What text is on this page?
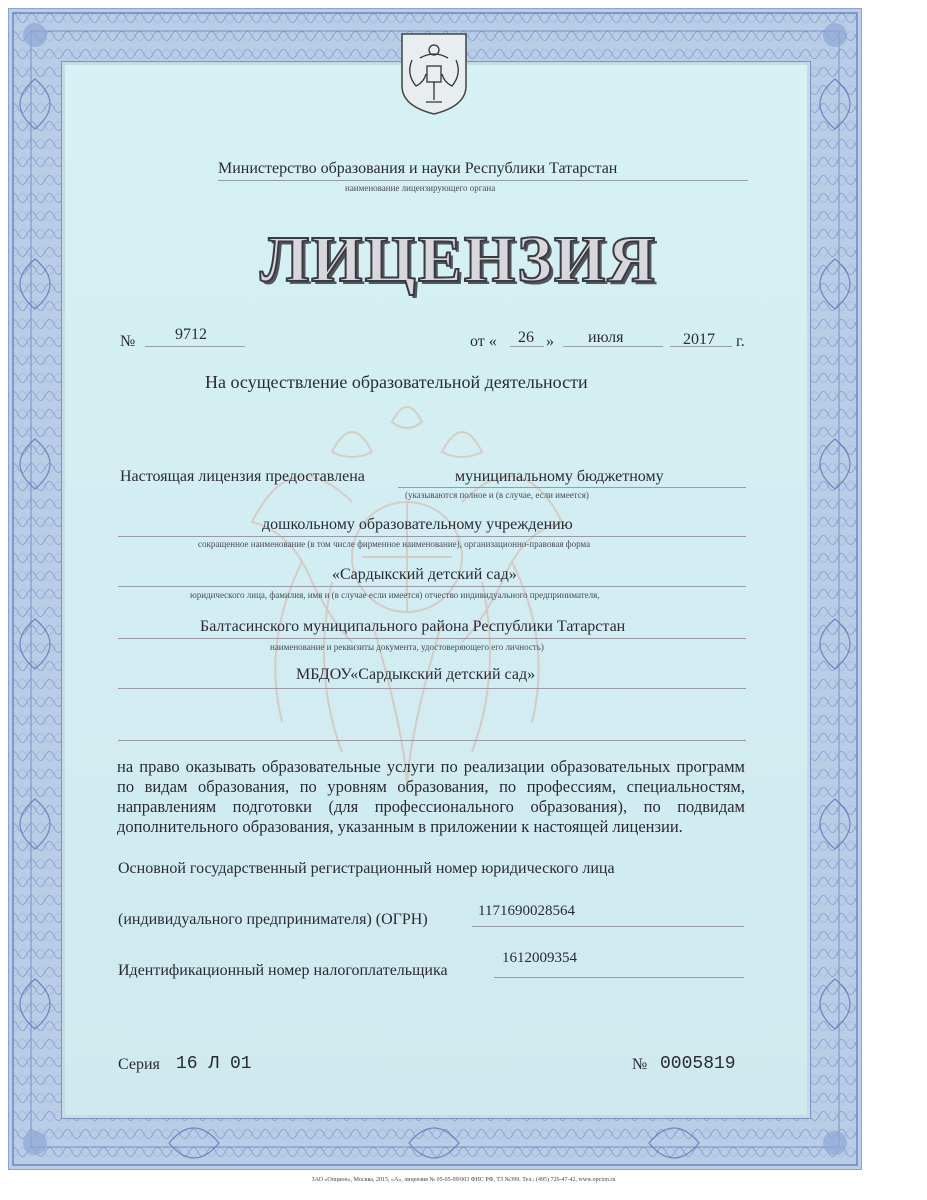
Министерство образования и науки Республики Татарстан
наименование лицензирующего органа
ЛИЦЕНЗИЯ
№ 9712	от « 26 » июля	2017 г.
На осуществление образовательной деятельности
Настоящая лицензия предоставлена	муниципальному бюджетному
(указываются полное и (в случае, если имеется)
дошкольному образовательному учреждению
сокращенное наименование (в том числе фирменное наименование), организационно-правовая форма
«Сардыкский детский сад»
юридического лица, фамилия, имя и (в случае если имеется) отчество индивидуального предпринимателя,
Балтасинского муниципального района Республики Татарстан
наименование и реквизиты документа, удостоверяющего его личность)
МБДОУ«Сардыкский детский сад»
на право оказывать образовательные услуги по реализации образовательных программ по видам образования, по уровням образования, по профессиям, специальностям, направлениям подготовки (для профессионального образования), по подвидам дополнительного образования, указанным в приложении к настоящей лицензии.
Основной государственный регистрационный номер юридического лица
(индивидуального предпринимателя) (ОГРН)	1171690028564
Идентификационный номер налогоплательщика
1612009354
Серия 16 Л 01	№ 0005819
ЗАО «Опцион», Москва, 2015, «А», лицензия № 05-05-09/003 ФНС РФ, ТЗ №399. Тел.: (495) 726-47-42, www.opcion.ru
